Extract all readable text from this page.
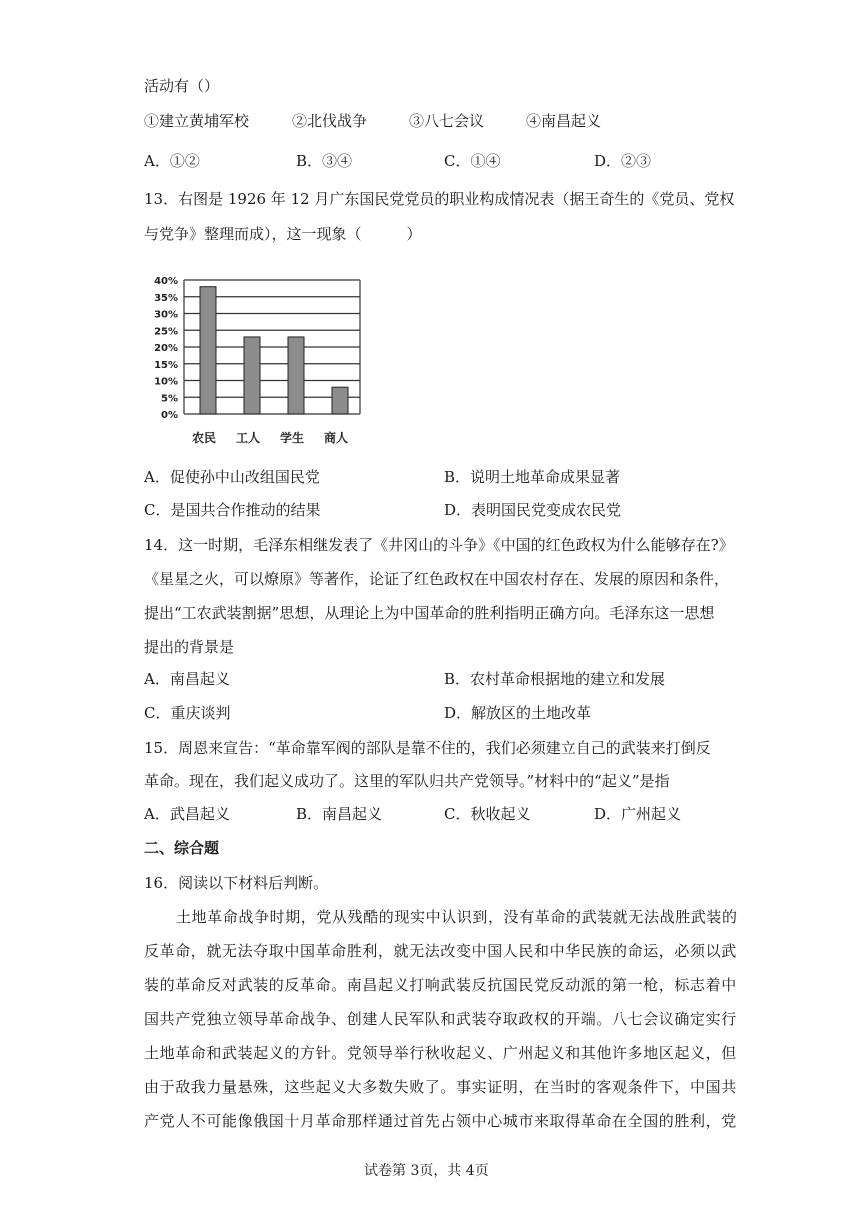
活动有（）
①建立黄埔军校	②北伐战争	③八七会议	④南昌起义
A．①②	B．③④	C．①④	D．②③
13．右图是 1926 年 12 月广东国民党党员的职业构成情况表（据王奇生的《党员、党权
与党争》整理而成），这一现象（　　　）
0%
5%
10%
15%
20%
25%
30%
35%
40%
农民 工人 学生 商人
A．促使孙中山改组国民党	B．说明土地革命成果显著
C．是国共合作推动的结果	D．表明国民党变成农民党
14．这一时期，毛泽东相继发表了《井冈山的斗争》《中国的红色政权为什么能够存在?》
《星星之火，可以燎原》等著作，论证了红色政权在中国农村存在、发展的原因和条件，
提出“工农武装割据”思想，从理论上为中国革命的胜利指明正确方向。毛泽东这一思想
提出的背景是
A．南昌起义	B．农村革命根据地的建立和发展
C．重庆谈判	D．解放区的土地改革
15．周恩来宣告：“革命靠军阀的部队是靠不住的，我们必须建立自己的武装来打倒反
革命。现在，我们起义成功了。这里的军队归共产党领导。”材料中的“起义”是指
A．武昌起义	B．南昌起义	C．秋收起义	D．广州起义
二、综合题
16．阅读以下材料后判断。
土地革命战争时期，党从残酷的现实中认识到，没有革命的武装就无法战胜武装的
反革命，就无法夺取中国革命胜利，就无法改变中国人民和中华民族的命运，必须以武
装的革命反对武装的反革命。南昌起义打响武装反抗国民党反动派的第一枪，标志着中
国共产党独立领导革命战争、创建人民军队和武装夺取政权的开端。八七会议确定实行
土地革命和武装起义的方针。党领导举行秋收起义、广州起义和其他许多地区起义，但
由于敌我力量悬殊，这些起义大多数失败了。事实证明，在当时的客观条件下，中国共
产党人不可能像俄国十月革命那样通过首先占领中心城市来取得革命在全国的胜利，党
试卷第 3页，共 4页
